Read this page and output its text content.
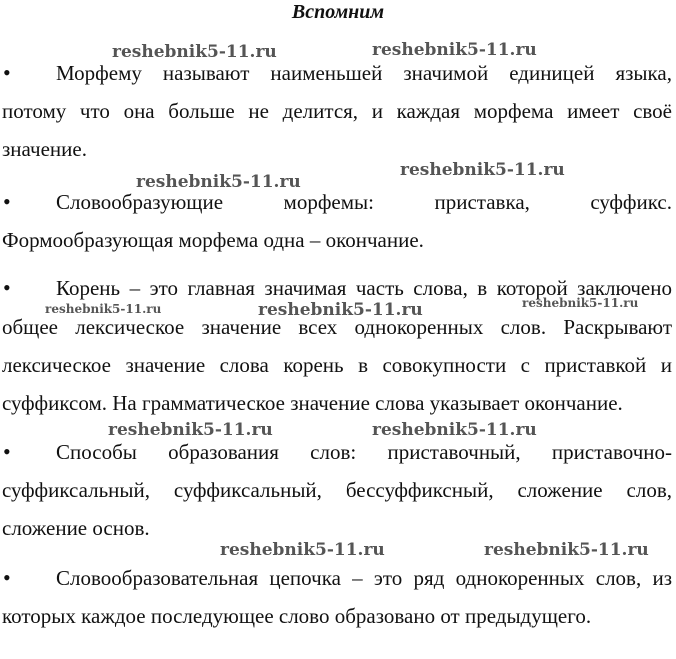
Вспомним
reshebnik5-11.ru	reshebnik5-11.ru
reshebnik5-11.ru
reshebnik5-11.ru
reshebnik5-11.ru	reshebnik5-11.ru	reshebnik5-11.ru
reshebnik5-11.ru	reshebnik5-11.ru
reshebnik5-11.ru	reshebnik5-11.ru
• Морфему называют наименьшей значимой единицей языка,
потому что она больше не делится, и каждая морфема имеет своё
значение.
• Словообразующие морфемы: приставка, суффикс.
Формообразующая морфема одна – окончание.
• Корень – это главная значимая часть слова, в которой заключено
общее лексическое значение всех однокоренных слов. Раскрывают
лексическое значение слова корень в совокупности с приставкой и
суффиксом. На грамматическое значение слова указывает окончание.
• Способы образования слов: приставочный, приставочно-
суффиксальный, суффиксальный, бессуффиксный, сложение слов,
сложение основ.
• Словообразовательная цепочка – это ряд однокоренных слов, из
которых каждое последующее слово образовано от предыдущего.
